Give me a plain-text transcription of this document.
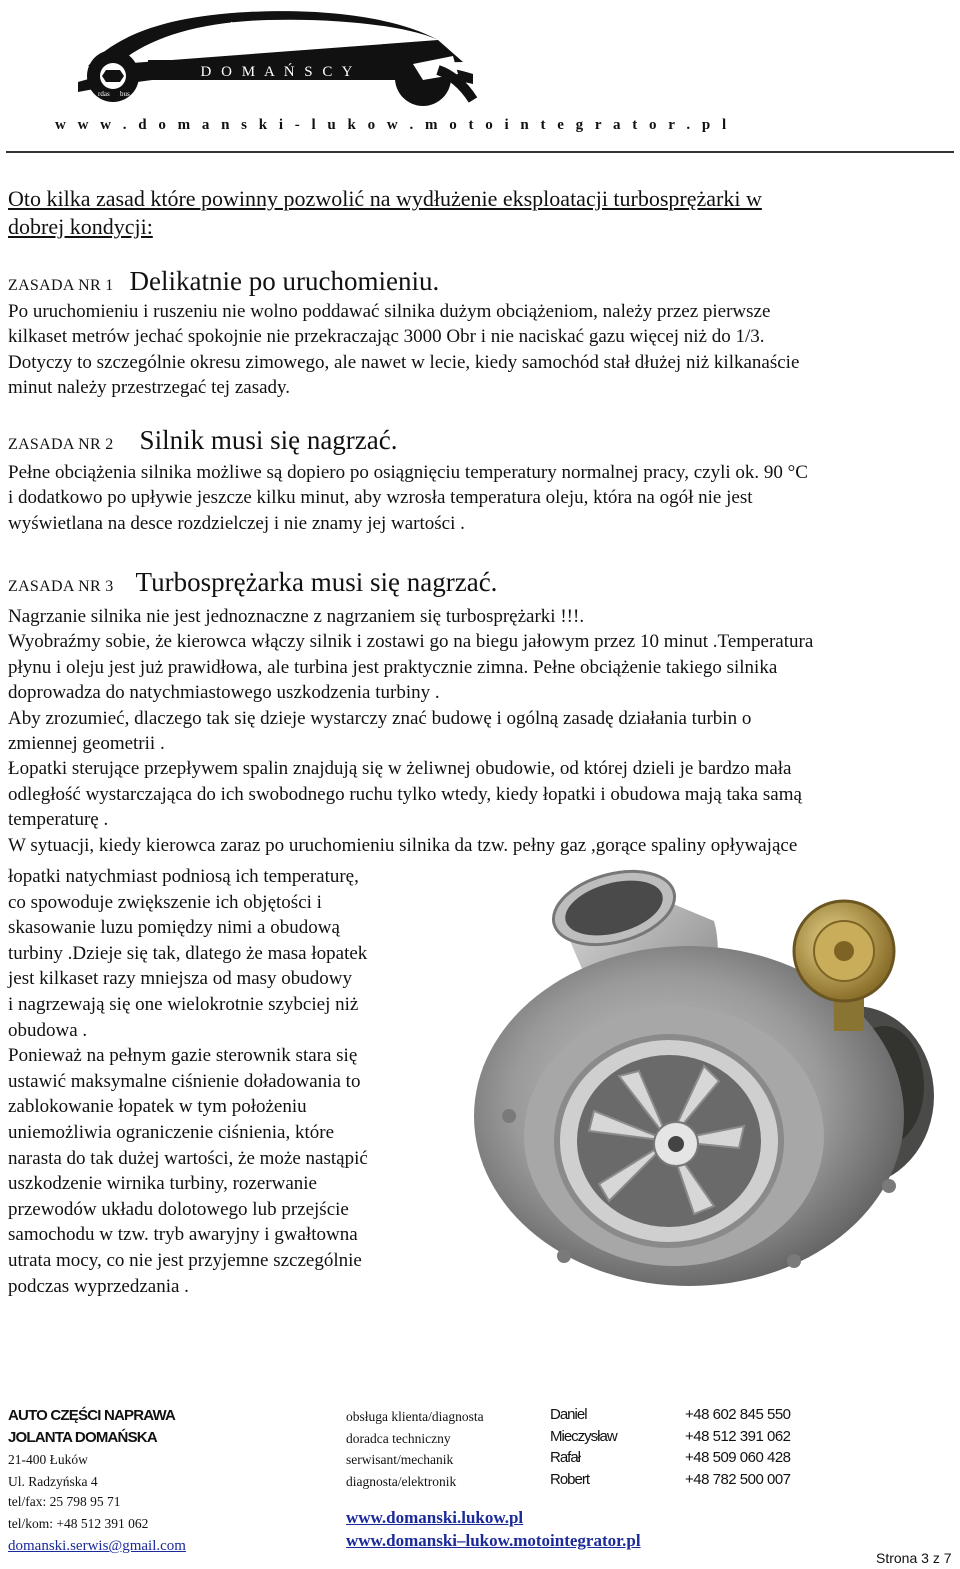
Auto Serwis
D O M A Ń S C Y
rdas bus
od1936r
w w w . d o m a n s k i - l u k o w . m o t o i n t e g r a t o r . p l
Oto kilka zasad które powinny pozwolić na wydłużenie eksploatacji turbosprężarki w
dobrej kondycji:
ZASADA NR 1 Delikatnie po uruchomieniu.
Po uruchomieniu i ruszeniu nie wolno poddawać silnika dużym obciążeniom, należy przez pierwsze
kilkaset metrów jechać spokojnie nie przekraczając 3000 Obr i nie naciskać gazu więcej niż do 1/3.
Dotyczy to szczególnie okresu zimowego, ale nawet w lecie, kiedy samochód stał dłużej niż kilkanaście
minut należy przestrzegać tej zasady.
ZASADA NR 2 Silnik musi się nagrzać.
Pełne obciążenia silnika możliwe są dopiero po osiągnięciu temperatury normalnej pracy, czyli ok. 90 °C
i dodatkowo po upływie jeszcze kilku minut, aby wzrosła temperatura oleju, która na ogół nie jest
wyświetlana na desce rozdzielczej i nie znamy jej wartości .
ZASADA NR 3 Turbosprężarka musi się nagrzać.
Nagrzanie silnika nie jest jednoznaczne z nagrzaniem się turbosprężarki !!!.
Wyobraźmy sobie, że kierowca włączy silnik i zostawi go na biegu jałowym przez 10 minut .Temperatura
płynu i oleju jest już prawidłowa, ale turbina jest praktycznie zimna. Pełne obciążenie takiego silnika
doprowadza do natychmiastowego uszkodzenia turbiny .
Aby zrozumieć, dlaczego tak się dzieje wystarczy znać budowę i ogólną zasadę działania turbin o
zmiennej geometrii .
Łopatki sterujące przepływem spalin znajdują się w żeliwnej obudowie, od której dzieli je bardzo mała
odległość wystarczająca do ich swobodnego ruchu tylko wtedy, kiedy łopatki i obudowa mają taka samą
temperaturę .
W sytuacji, kiedy kierowca zaraz po uruchomieniu silnika da tzw. pełny gaz ,gorące spaliny opływające
łopatki natychmiast podniosą ich temperaturę,
co spowoduje zwiększenie ich objętości i
skasowanie luzu pomiędzy nimi a obudową
turbiny .Dzieje się tak, dlatego że masa łopatek
jest kilkaset razy mniejsza od masy obudowy
i nagrzewają się one wielokrotnie szybciej niż
obudowa .
Ponieważ na pełnym gazie sterownik stara się
ustawić maksymalne ciśnienie doładowania to
zablokowanie łopatek w tym położeniu
uniemożliwia ograniczenie ciśnienia, które
narasta do tak dużej wartości, że może nastąpić
uszkodzenie wirnika turbiny, rozerwanie
przewodów układu dolotowego lub przejście
samochodu w tzw. tryb awaryjny i gwałtowna
utrata mocy, co nie jest przyjemne szczególnie
podczas wyprzedzania .
AUTO CZĘŚCI NAPRAWA
JOLANTA DOMAŃSKA
21-400 Łuków
Ul. Radzyńska 4
tel/fax: 25 798 95 71
tel/kom: +48 512 391 062
domanski.serwis@gmail.com
obsługa klienta/diagnosta
doradca techniczny
serwisant/mechanik
diagnosta/elektronik
Daniel
Mieczysław
Rafał
Robert
+48 602 845 550
+48 512 391 062
+48 509 060 428
+48 782 500 007
www.domanski.lukow.pl
www.domanski–lukow.motointegrator.pl
Strona 3 z 7
